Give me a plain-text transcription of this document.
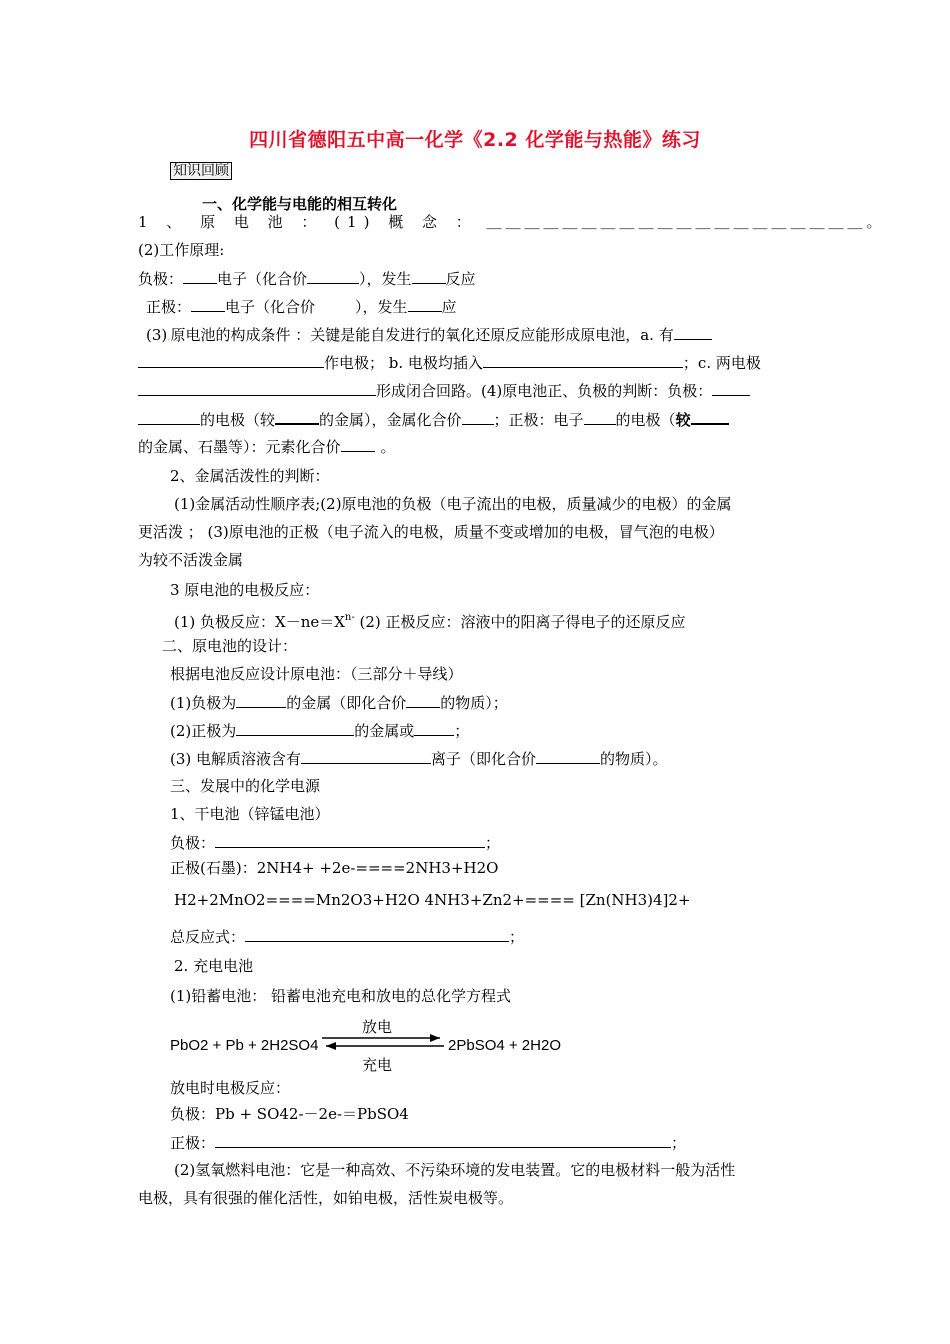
四川省德阳五中高一化学《2.2 化学能与热能》练习
知识回顾
一、化学能与电能的相互转化
1 、 原 电 池 ： (1) 概 念 ： ＿＿＿＿＿＿＿＿＿＿＿＿＿＿＿＿＿＿＿＿。
(2)工作原理:
负极： 电子（化合价	），发生 反应
正极： 电子（化合价	），发生 应
(3).原电池的构成条件 ：关键是能自发进行的氧化还原反应能形成原电池，a. 有
作电极； b. 电极均插入	；c. 两电极
形成闭合回路。(4)原电池正、负极的判断：负极：
的电极（较	的金属），金属化合价 ；正极：电子 的电极（较
的金属、石墨等）：元素化合价	。
2、金属活泼性的判断：
(1)金属活动性顺序表;(2)原电池的负极（电子流出的电极，质量减少的电极）的金属
更活泼 ； (3)原电池的正极（电子流入的电极，质量不变或增加的电极，冒气泡的电极）
为较不活泼金属
3 原电池的电极反应：
(1) 负极反应：$X-ne=X^{n-}$ (2) 正极反应：溶液中的阳离子得电子的还原反应
二、原电池的设计：
根据电池反应设计原电池：（三部分＋导线）
(1)负极为	的金属（即化合价 的物质）；
(2)正极为	的金属或	；
(3) 电解质溶液含有	离子（即化合价	的物质）。
三、发展中的化学电源
1、干电池（锌锰电池）
负极：	；
正极(石墨)：2NH4+ +2e-====2NH3+H2O
H2+2MnO2====Mn2O3+H2O 4NH3+Zn2+==== [Zn(NH3)4]2+
总反应式：	；
2. 充电电池
(1)铅蓄电池： 铅蓄电池充电和放电的总化学方程式
PbO2 + Pb + 2H2SO4
放电
充电
2PbSO4 + 2H2O
放电时电极反应：
负极：Pb + SO42-－2e-＝PbSO4
正极：	；
(2)氢氧燃料电池：它是一种高效、不污染环境的发电装置。它的电极材料一般为活性
电极，具有很强的催化活性，如铂电极，活性炭电极等。
